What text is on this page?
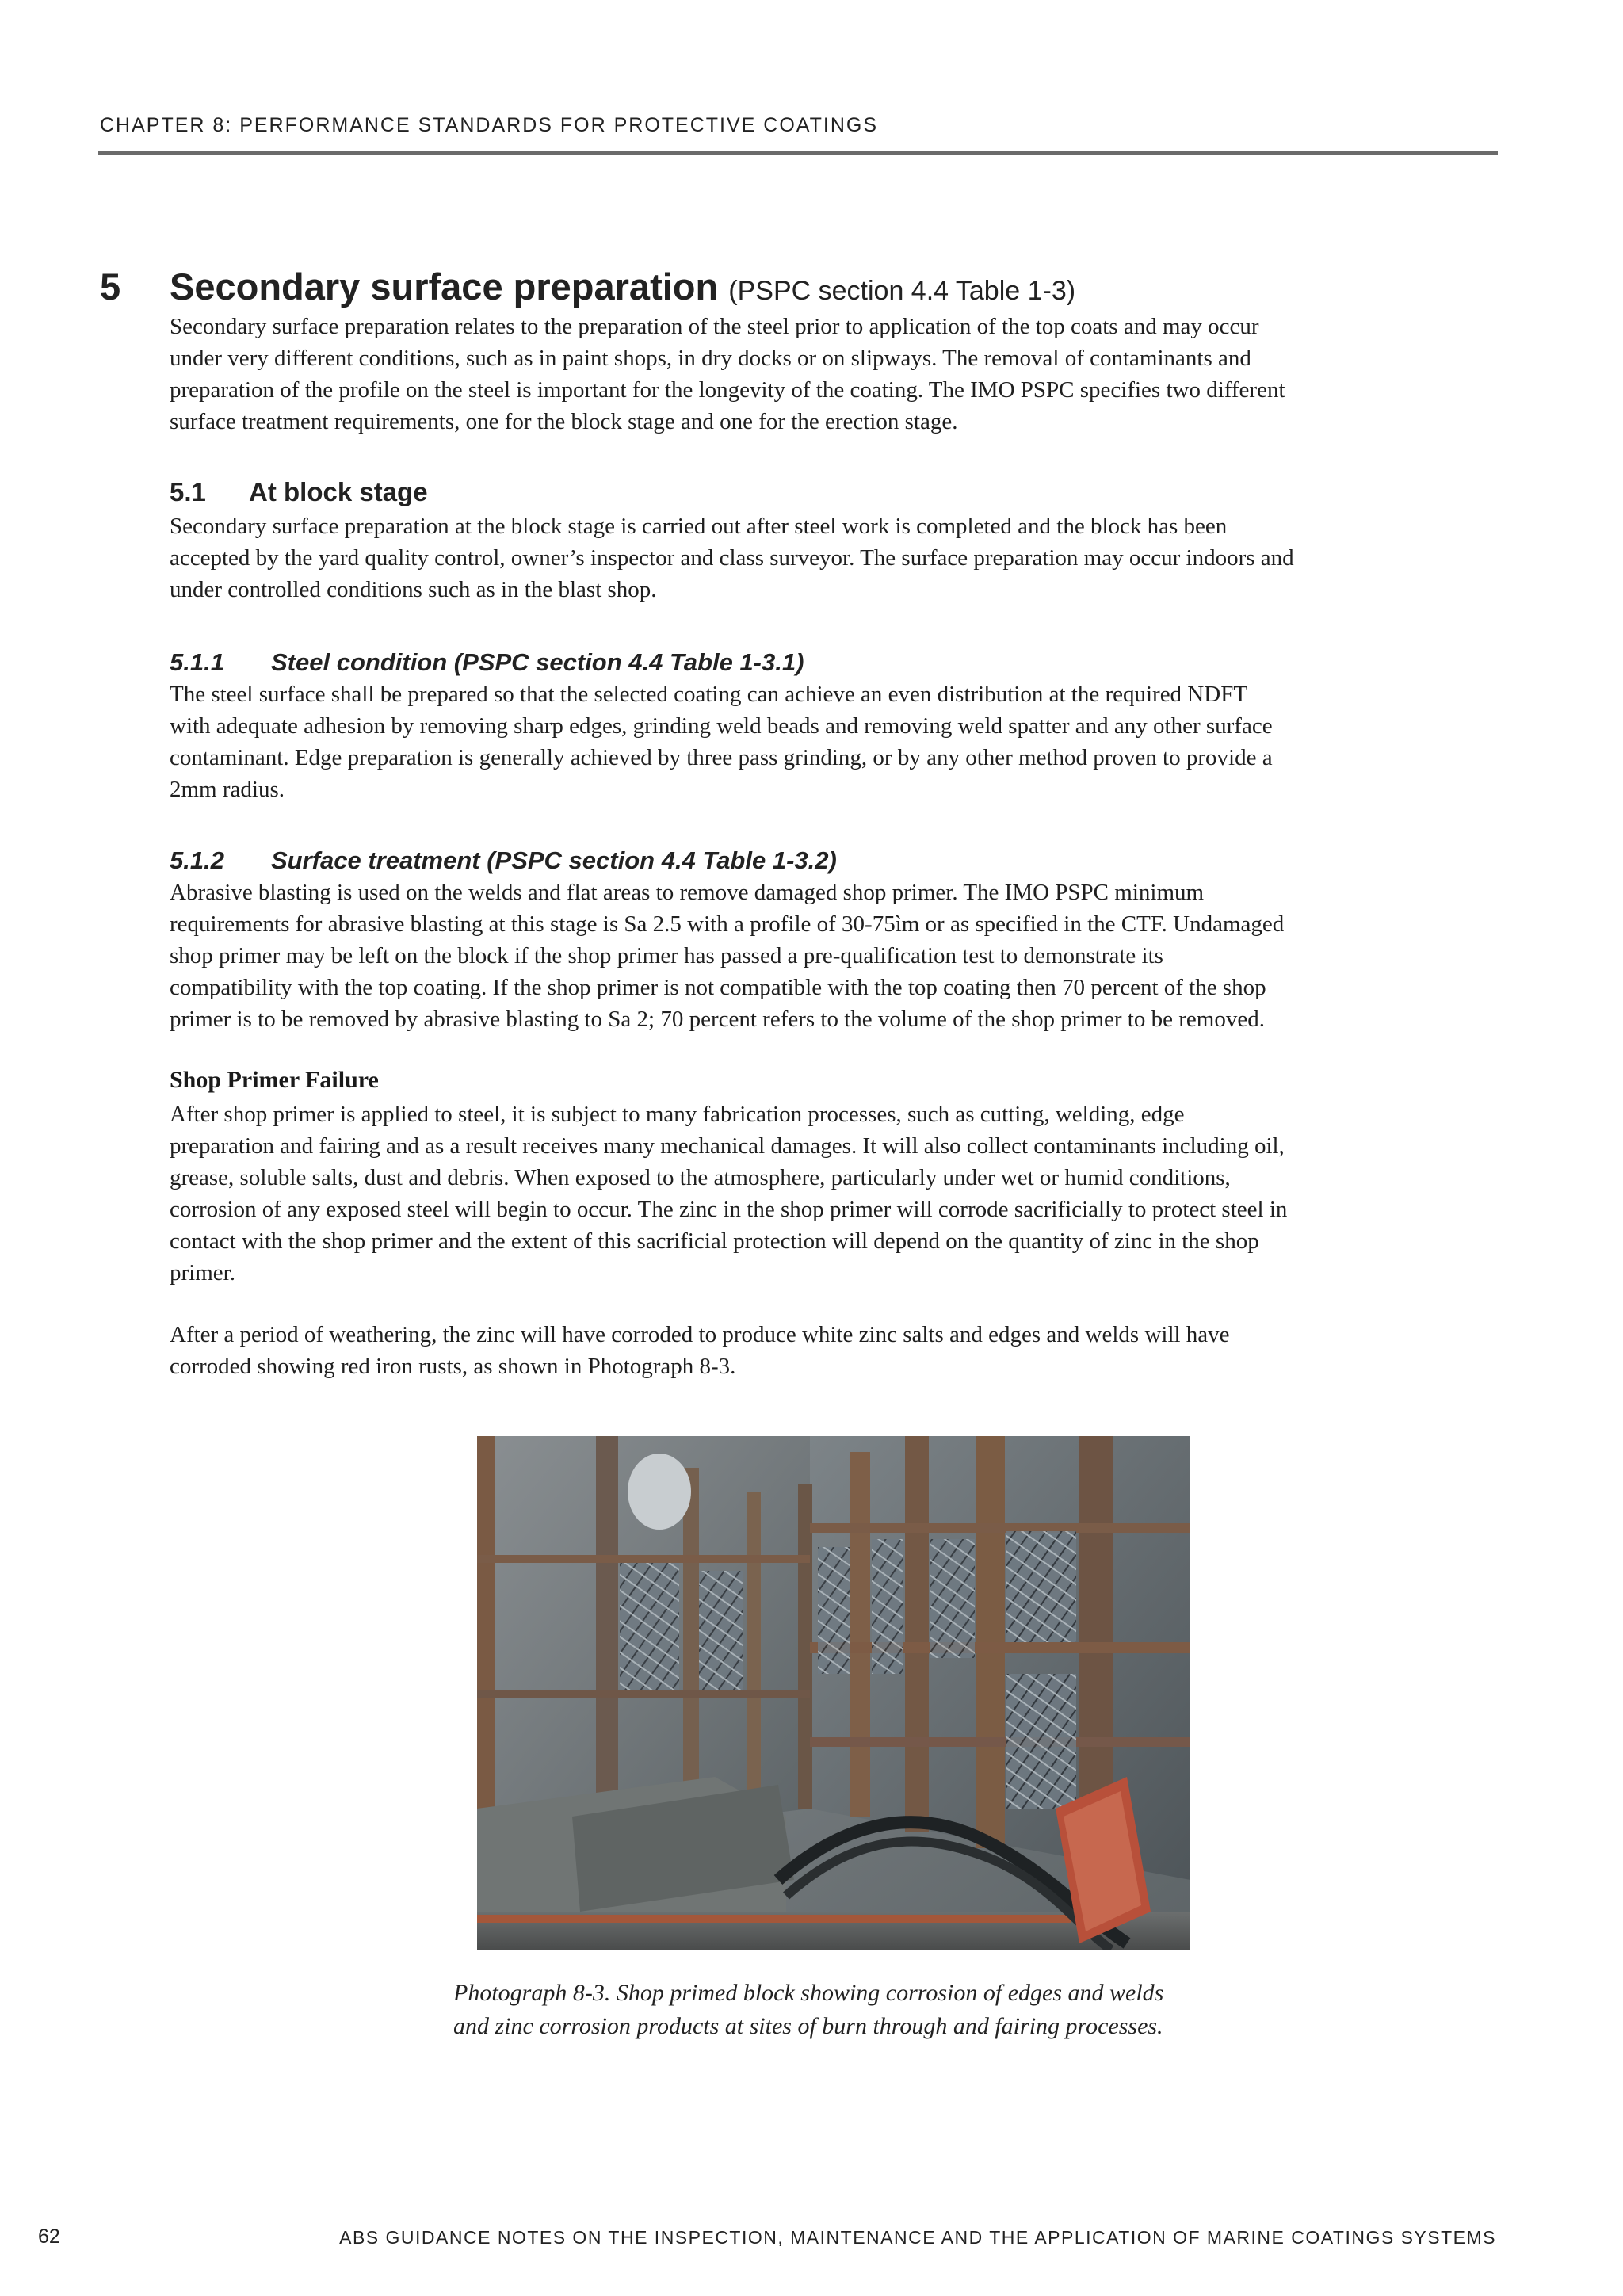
CHAPTER 8: PERFORMANCE STANDARDS FOR PROTECTIVE COATINGS
5 Secondary surface preparation (PSPC section 4.4 Table 1-3)

Secondary surface preparation relates to the preparation of the steel prior to application of the top coats and may occur

under very different conditions, such as in paint shops, in dry docks or on slipways. The removal of contaminants and

preparation of the profile on the steel is important for the longevity of the coating. The IMO PSPC specifies two different

surface treatment requirements, one for the block stage and one for the erection stage.

5.1 At block stage

Secondary surface preparation at the block stage is carried out after steel work is completed and the block has been

accepted by the yard quality control, owner’s inspector and class surveyor. The surface preparation may occur indoors and

under controlled conditions such as in the blast shop.

5.1.1 Steel condition (PSPC section 4.4 Table 1-3.1)

The steel surface shall be prepared so that the selected coating can achieve an even distribution at the required NDFT

with adequate adhesion by removing sharp edges, grinding weld beads and removing weld spatter and any other surface

contaminant. Edge preparation is generally achieved by three pass grinding, or by any other method proven to provide a

2mm radius.

5.1.2 Surface treatment (PSPC section 4.4 Table 1-3.2)

Abrasive blasting is used on the welds and flat areas to remove damaged shop primer. The IMO PSPC minimum

requirements for abrasive blasting at this stage is Sa 2.5 with a profile of 30-75ìm or as specified in the CTF. Undamaged

shop primer may be left on the block if the shop primer has passed a pre-qualification test to demonstrate its

compatibility with the top coating. If the shop primer is not compatible with the top coating then 70 percent of the shop

primer is to be removed by abrasive blasting to Sa 2; 70 percent refers to the volume of the shop primer to be removed.

Shop Primer Failure

After shop primer is applied to steel, it is subject to many fabrication processes, such as cutting, welding, edge

preparation and fairing and as a result receives many mechanical damages. It will also collect contaminants including oil,

grease, soluble salts, dust and debris. When exposed to the atmosphere, particularly under wet or humid conditions,

corrosion of any exposed steel will begin to occur. The zinc in the shop primer will corrode sacrificially to protect steel in

contact with the shop primer and the extent of this sacrificial protection will depend on the quantity of zinc in the shop

primer.

After a period of weathering, the zinc will have corroded to produce white zinc salts and edges and welds will have

corroded showing red iron rusts, as shown in Photograph 8-3.

Photograph 8-3. Shop primed block showing corrosion of edges and welds
and zinc corrosion products at sites of burn through and fairing processes.
62	ABS GUIDANCE NOTES ON THE INSPECTION, MAINTENANCE AND THE APPLICATION OF MARINE COATINGS SYSTEMS
